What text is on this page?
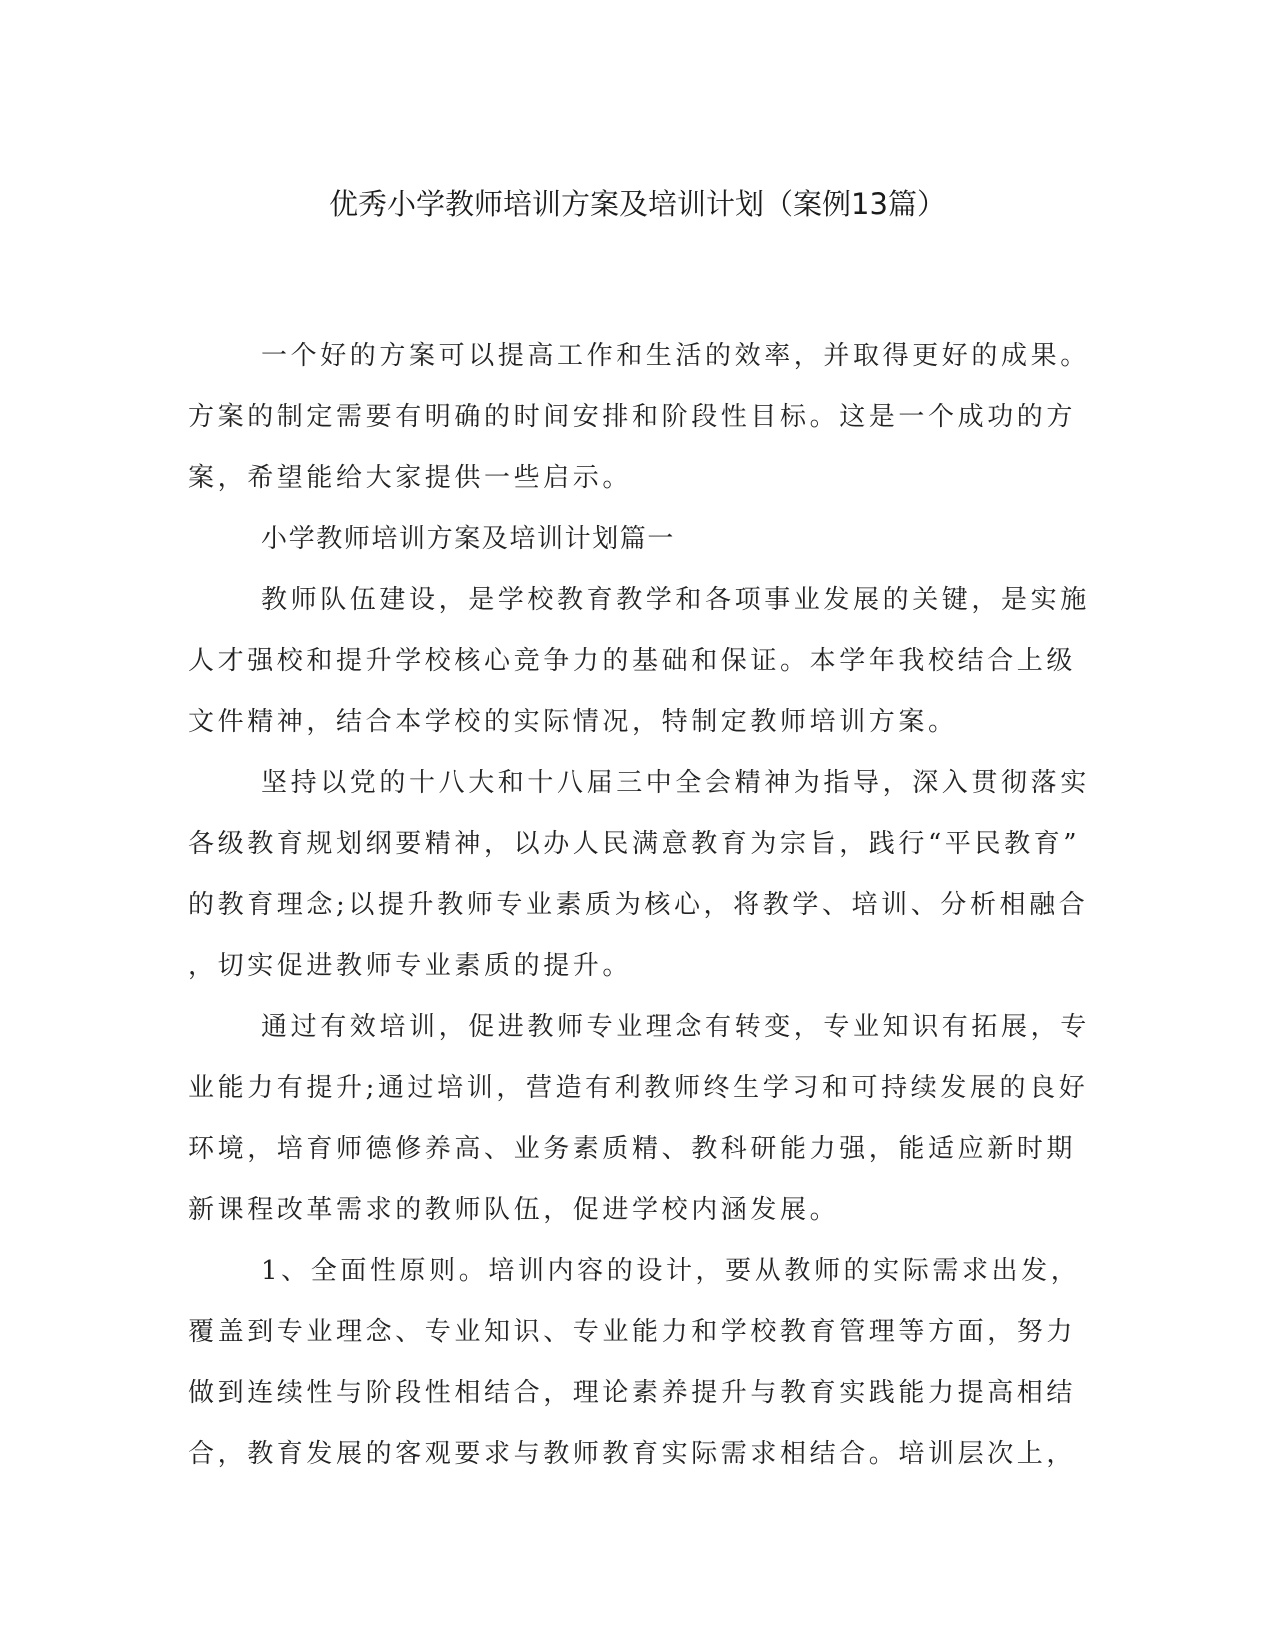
优秀小学教师培训方案及培训计划（案例13篇）

一个好的方案可以提高工作和生活的效率，并取得更好的成果。

方案的制定需要有明确的时间安排和阶段性目标。这是一个成功的方

案，希望能给大家提供一些启示。

小学教师培训方案及培训计划篇一

教师队伍建设，是学校教育教学和各项事业发展的关键，是实施

人才强校和提升学校核心竞争力的基础和保证。本学年我校结合上级

文件精神，结合本学校的实际情况，特制定教师培训方案。

坚持以党的十八大和十八届三中全会精神为指导，深入贯彻落实

各级教育规划纲要精神，以办人民满意教育为宗旨，践行“平民教育”

的教育理念;以提升教师专业素质为核心，将教学、培训、分析相融合

，切实促进教师专业素质的提升。

通过有效培训，促进教师专业理念有转变，专业知识有拓展，专

业能力有提升;通过培训，营造有利教师终生学习和可持续发展的良好

环境，培育师德修养高、业务素质精、教科研能力强，能适应新时期

新课程改革需求的教师队伍，促进学校内涵发展。

1、全面性原则。培训内容的设计，要从教师的实际需求出发，

覆盖到专业理念、专业知识、专业能力和学校教育管理等方面，努力

做到连续性与阶段性相结合，理论素养提升与教育实践能力提高相结

合，教育发展的客观要求与教师教育实际需求相结合。培训层次上，
